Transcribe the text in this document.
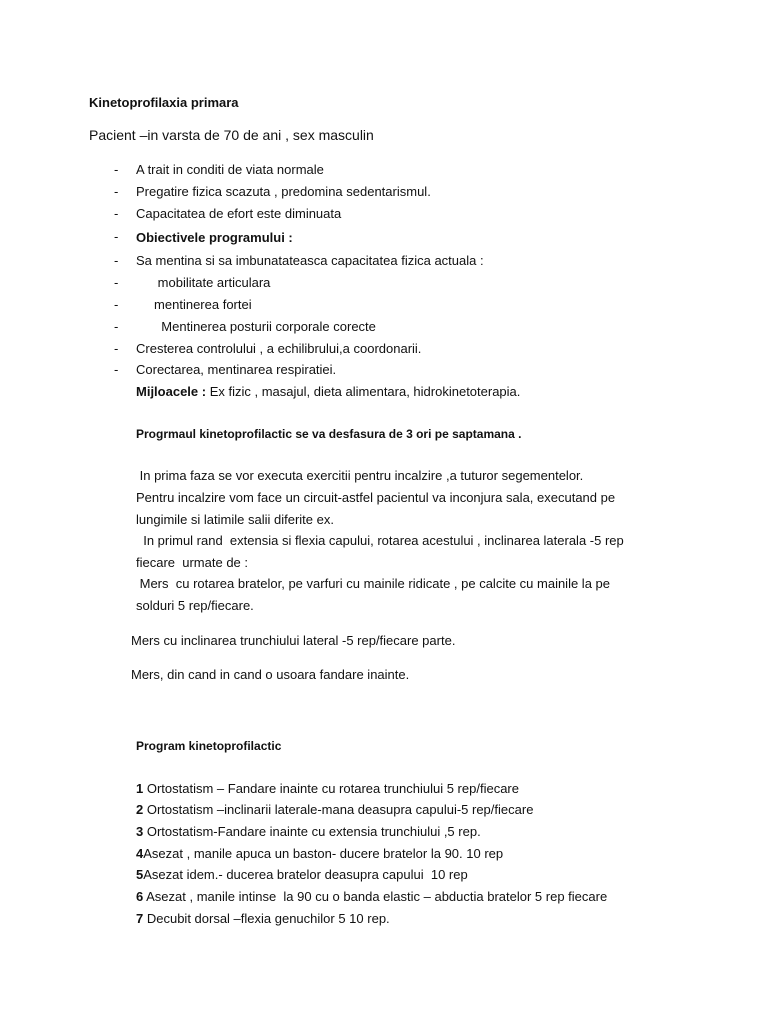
Kinetoprofilaxia primara
Pacient –in varsta de 70 de ani , sex masculin
- A trait in conditi de viata normale
- Pregatire fizica scazuta , predomina sedentarismul.
- Capacitatea de efort este diminuata
- Obiectivele programului :
- Sa mentina si sa imbunatateasca capacitatea fizica actuala :
- mobilitate articulara
- mentinerea fortei
- Mentinerea posturii corporale corecte
- Cresterea controlului , a echilibrului,a coordonarii.
- Corectarea, mentinarea respiratiei.
Mijloacele : Ex fizic , masajul, dieta alimentara, hidrokinetoterapia.
Progrmaul kinetoprofilactic se va desfasura de 3 ori pe saptamana .
In prima faza se vor executa exercitii pentru incalzire ,a tuturor segementelor.
Pentru incalzire vom face un circuit-astfel pacientul va inconjura sala, executand pe
lungimile si latimile salii diferite ex.
In primul rand  extensia si flexia capului, rotarea acestului , inclinarea laterala -5 rep
fiecare  urmate de :
Mers  cu rotarea bratelor, pe varfuri cu mainile ridicate , pe calcite cu mainile la pe
solduri 5 rep/fiecare.
Mers cu inclinarea trunchiului lateral -5 rep/fiecare parte.
Mers, din cand in cand o usoara fandare inainte.
Program kinetoprofilactic
1 Ortostatism – Fandare inainte cu rotarea trunchiului 5 rep/fiecare
2 Ortostatism –inclinarii laterale-mana deasupra capului-5 rep/fiecare
3 Ortostatism-Fandare inainte cu extensia trunchiului ,5 rep.
4Asezat , manile apuca un baston- ducere bratelor la 90. 10 rep
5Asezat idem.- ducerea bratelor deasupra capului  10 rep
6 Asezat , manile intinse  la 90 cu o banda elastic – abductia bratelor 5 rep fiecare
7 Decubit dorsal –flexia genuchilor 5 10 rep.
